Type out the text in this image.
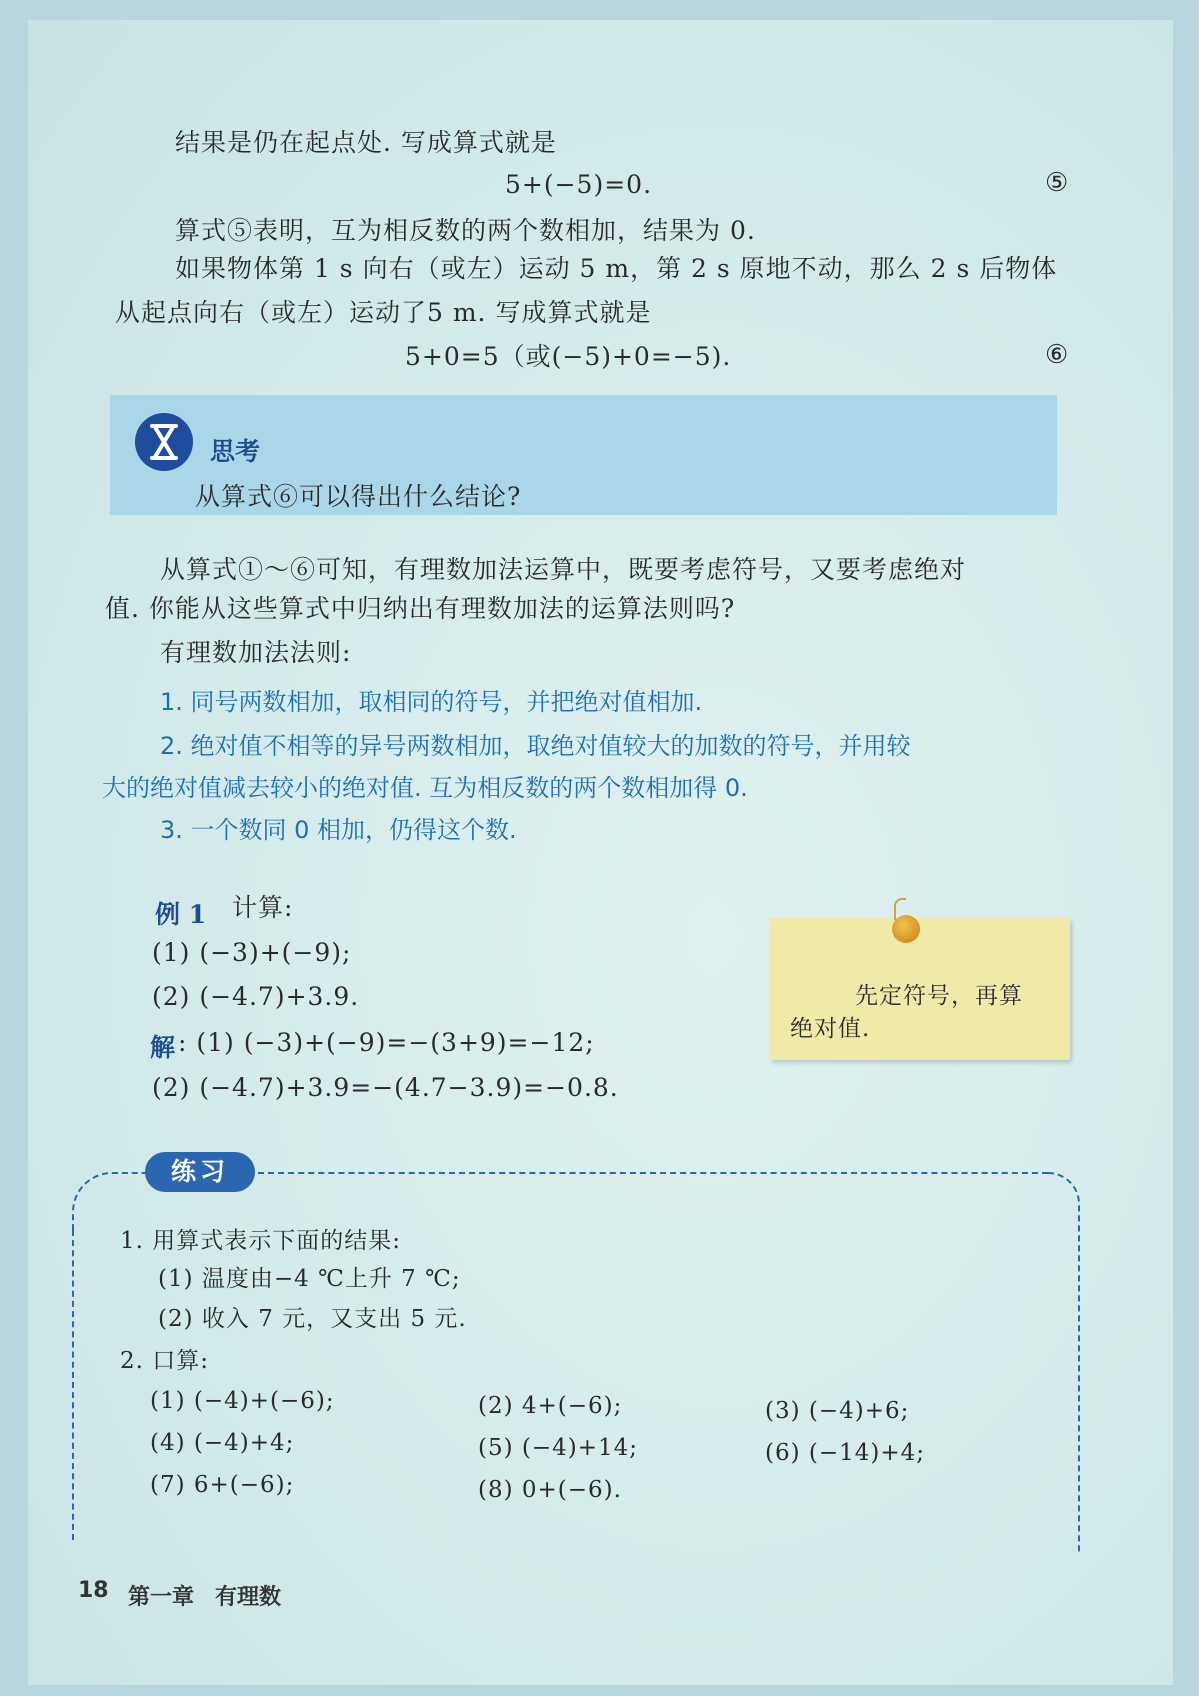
结果是仍在起点处. 写成算式就是
5+(−5)=0.	⑤
算式⑤表明，互为相反数的两个数相加，结果为 0.
如果物体第 1 s 向右（或左）运动 5 m，第 2 s 原地不动，那么 2 s 后物体
从起点向右（或左）运动了5 m. 写成算式就是
5+0=5（或(−5)+0=−5).	⑥
思考
从算式⑥可以得出什么结论?
从算式①～⑥可知，有理数加法运算中，既要考虑符号，又要考虑绝对
值. 你能从这些算式中归纳出有理数加法的运算法则吗?
有理数加法法则:
1. 同号两数相加，取相同的符号，并把绝对值相加.
2. 绝对值不相等的异号两数相加，取绝对值较大的加数的符号，并用较
大的绝对值减去较小的绝对值. 互为相反数的两个数相加得 0.
3. 一个数同 0 相加，仍得这个数.
例 1 计算:
(1) (−3)+(−9);
(2) (−4.7)+3.9.
解 : (1) (−3)+(−9)=−(3+9)=−12;
(2) (−4.7)+3.9=−(4.7−3.9)=−0.8.
先定符号，再算
绝对值.
练习
1. 用算式表示下面的结果:
(1) 温度由−4 ℃上升 7 ℃;
(2) 收入 7 元，又支出 5 元.
2. 口算:
(1) (−4)+(−6);	(2) 4+(−6);	(3) (−4)+6;
(4) (−4)+4;	(5) (−4)+14;	(6) (−14)+4;
(7) 6+(−6);	(8) 0+(−6).
18 第一章 有理数
